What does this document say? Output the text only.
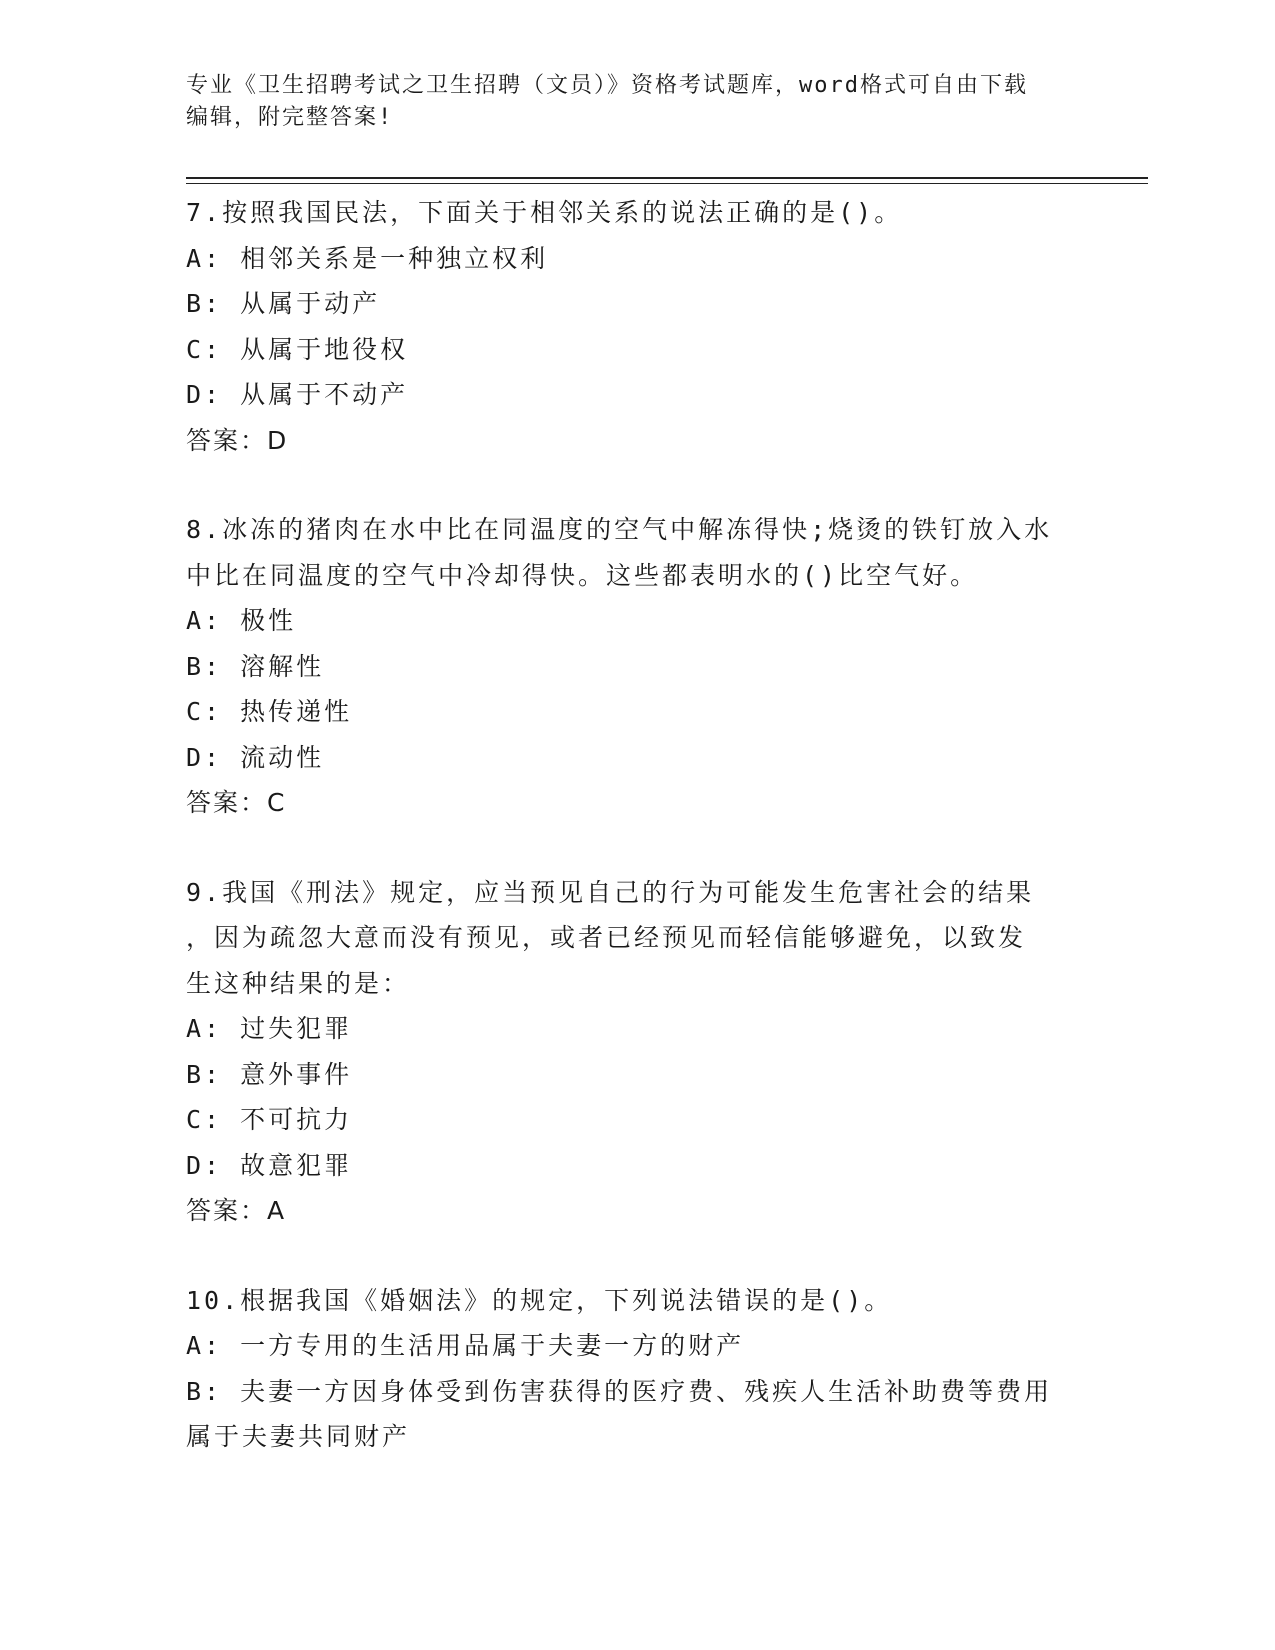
专业《卫生招聘考试之卫生招聘（文员）》资格考试题库，word格式可自由下载

编辑，附完整答案!

7.按照我国民法，下面关于相邻关系的说法正确的是()。

A: 相邻关系是一种独立权利

B: 从属于动产

C: 从属于地役权

D: 从属于不动产

答案：D

8.冰冻的猪肉在水中比在同温度的空气中解冻得快;烧烫的铁钉放入水

中比在同温度的空气中冷却得快。这些都表明水的()比空气好。

A: 极性

B: 溶解性

C: 热传递性

D: 流动性

答案：C

9.我国《刑法》规定，应当预见自己的行为可能发生危害社会的结果

，因为疏忽大意而没有预见，或者已经预见而轻信能够避免，以致发

生这种结果的是：

A: 过失犯罪

B: 意外事件

C: 不可抗力

D: 故意犯罪

答案：A

10.根据我国《婚姻法》的规定，下列说法错误的是()。

A: 一方专用的生活用品属于夫妻一方的财产

B: 夫妻一方因身体受到伤害获得的医疗费、残疾人生活补助费等费用

属于夫妻共同财产
